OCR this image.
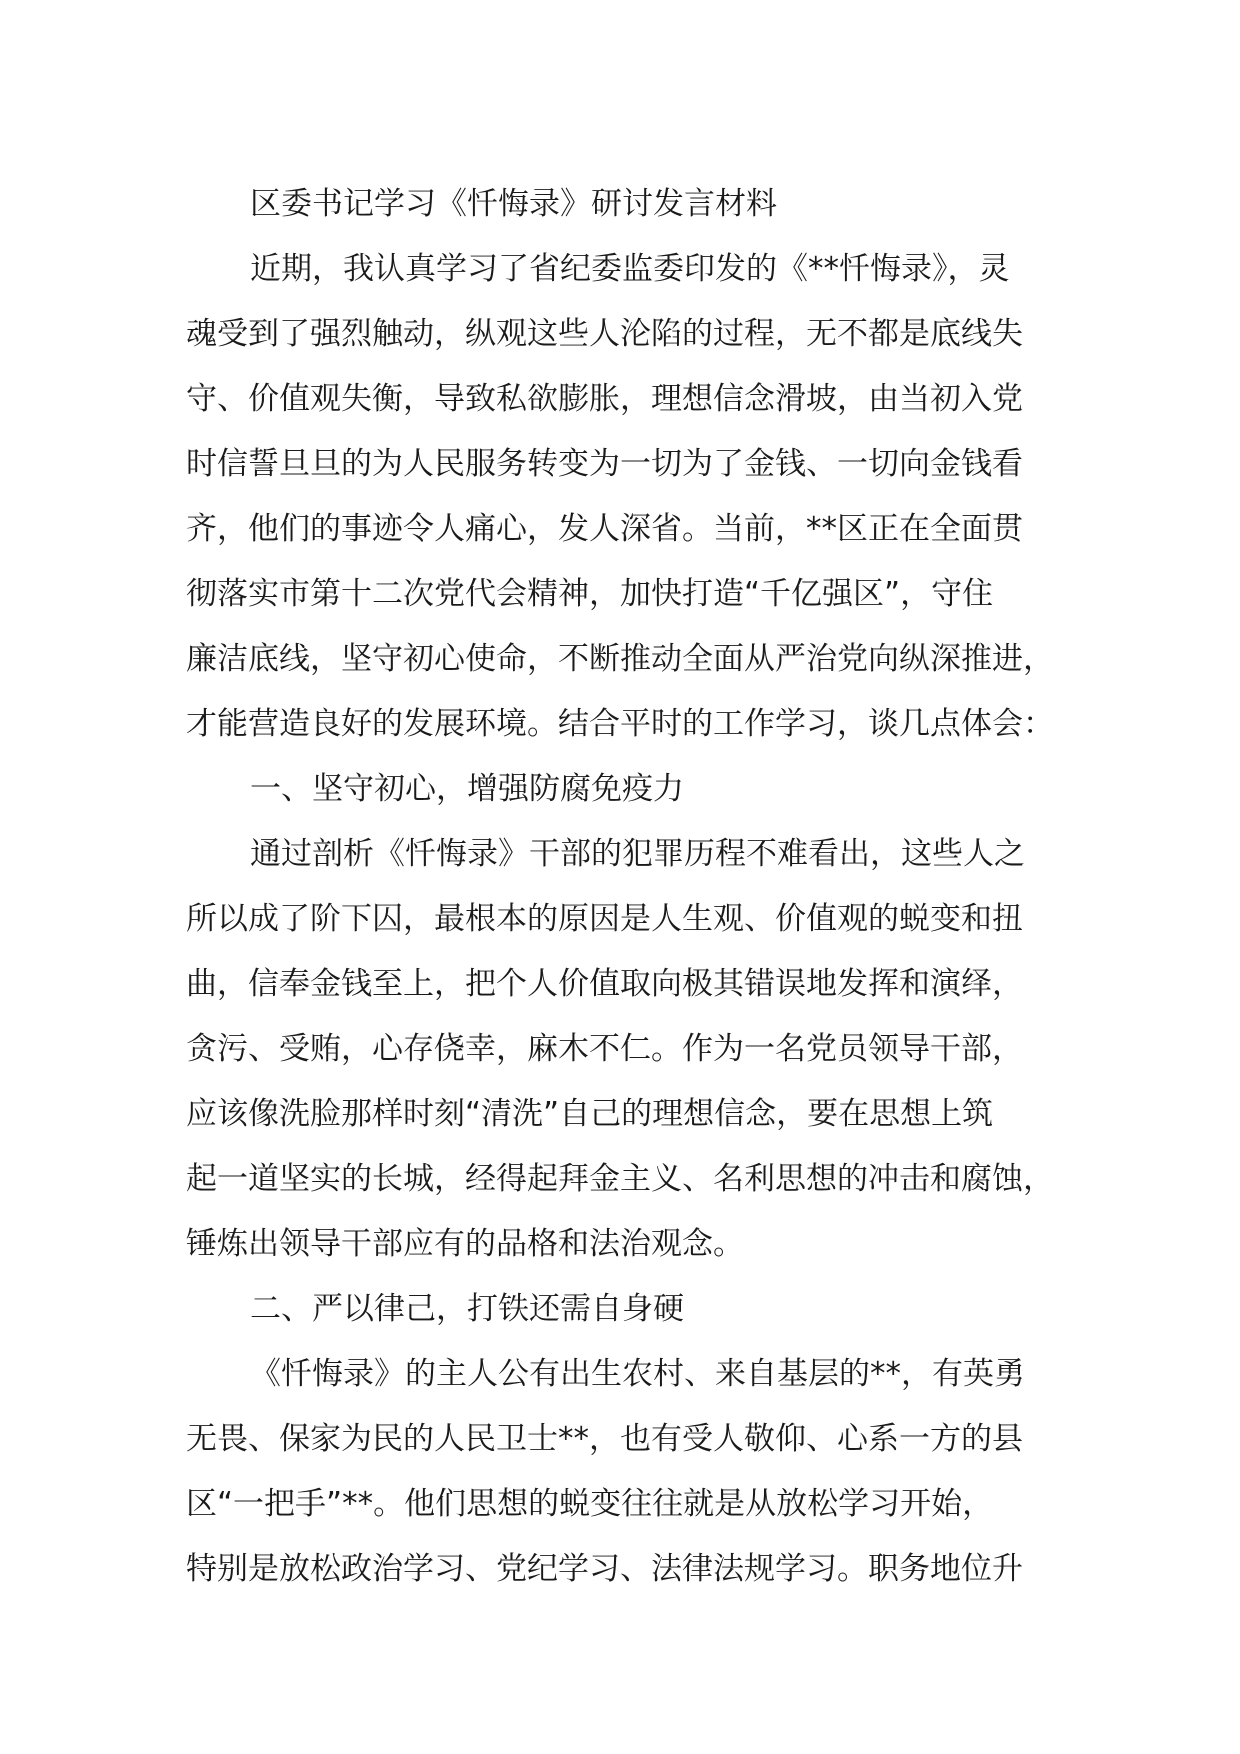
区委书记学习《忏悔录》研讨发言材料
近期，我认真学习了省纪委监委印发的《**忏悔录》，灵
魂受到了强烈触动，纵观这些人沦陷的过程，无不都是底线失
守、价值观失衡，导致私欲膨胀，理想信念滑坡，由当初入党
时信誓旦旦的为人民服务转变为一切为了金钱、一切向金钱看
齐，他们的事迹令人痛心，发人深省。当前，**区正在全面贯
彻落实市第十二次党代会精神，加快打造“千亿强区”，守住
廉洁底线，坚守初心使命，不断推动全面从严治党向纵深推进，
才能营造良好的发展环境。结合平时的工作学习，谈几点体会：
一、坚守初心，增强防腐免疫力
通过剖析《忏悔录》干部的犯罪历程不难看出，这些人之
所以成了阶下囚，最根本的原因是人生观、价值观的蜕变和扭
曲，信奉金钱至上，把个人价值取向极其错误地发挥和演绎，
贪污、受贿，心存侥幸，麻木不仁。作为一名党员领导干部，
应该像洗脸那样时刻“清洗”自己的理想信念，要在思想上筑
起一道坚实的长城，经得起拜金主义、名利思想的冲击和腐蚀，
锤炼出领导干部应有的品格和法治观念。
二、严以律己，打铁还需自身硬
《忏悔录》的主人公有出生农村、来自基层的**，有英勇
无畏、保家为民的人民卫士**，也有受人敬仰、心系一方的县
区“一把手”**。他们思想的蜕变往往就是从放松学习开始，
特别是放松政治学习、党纪学习、法律法规学习。职务地位升
